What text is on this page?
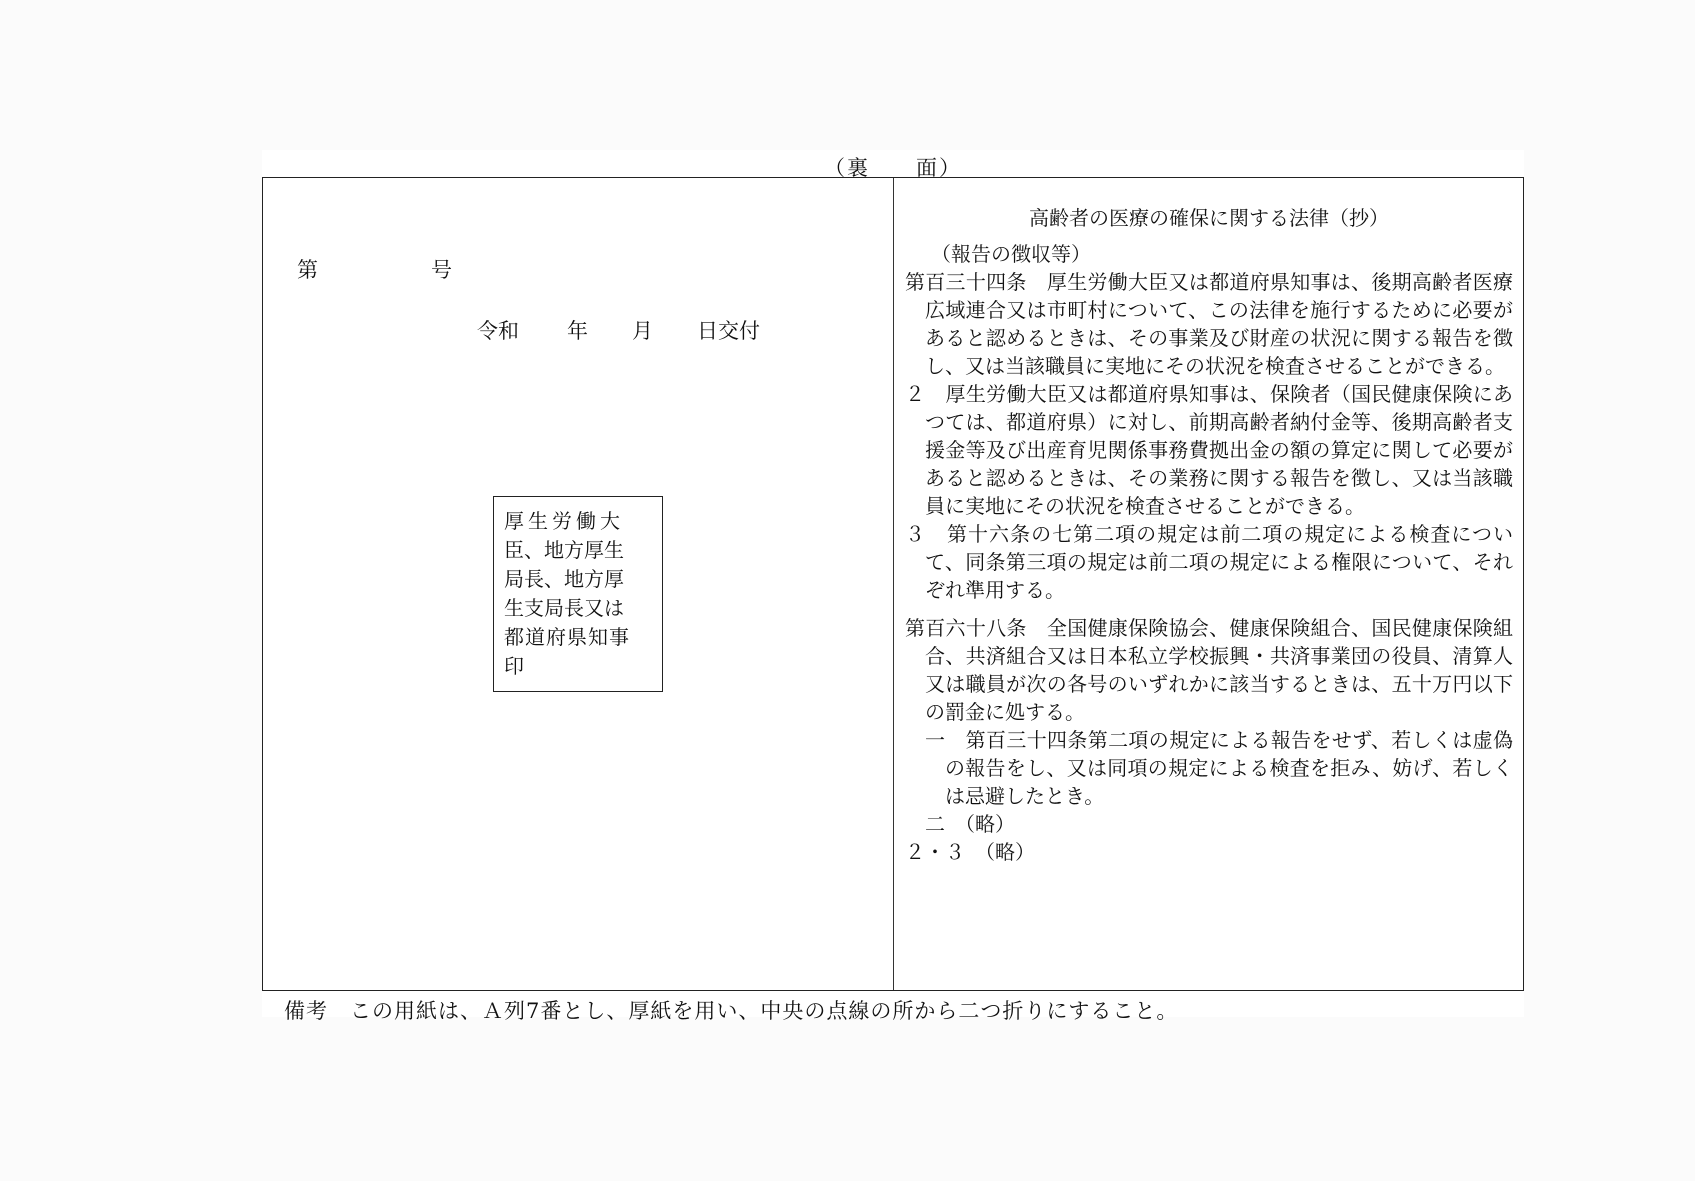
（裏　　面）
第	号
令和 年 月 日交付
厚生労働大
臣、地方厚生
局長、地方厚
生支局長又は
都道府県知事
印
高齢者の医療の確保に関する法律（抄）

（報告の徴収等）

第百三十四条　厚生労働大臣又は都道府県知事は、後期高齢者医療広域連合又は市町村について、この法律を施行するために必要があると認めるときは、その事業及び財産の状況に関する報告を徴し、又は当該職員に実地にその状況を検査させることができる。

２　厚生労働大臣又は都道府県知事は、保険者（国民健康保険にあつては、都道府県）に対し、前期高齢者納付金等、後期高齢者支援金等及び出産育児関係事務費拠出金の額の算定に関して必要があると認めるときは、その業務に関する報告を徴し、又は当該職員に実地にその状況を検査させることができる。

３　第十六条の七第二項の規定は前二項の規定による検査について、同条第三項の規定は前二項の規定による権限について、それぞれ準用する。

第百六十八条　全国健康保険協会、健康保険組合、国民健康保険組合、共済組合又は日本私立学校振興・共済事業団の役員、清算人又は職員が次の各号のいずれかに該当するときは、五十万円以下の罰金に処する。

一　第百三十四条第二項の規定による報告をせず、若しくは虚偽の報告をし、又は同項の規定による検査を拒み、妨げ、若しくは忌避したとき。

二　（略）

２・３　（略）

備考　この用紙は、Ａ列7番とし、厚紙を用い、中央の点線の所から二つ折りにすること。
